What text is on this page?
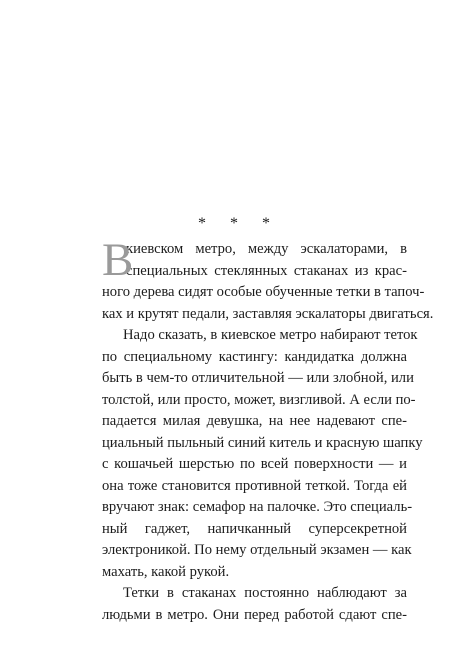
* * *
В
киевском метро, между эскалаторами, в
специальных стеклянных стаканах из крас-
ного дерева сидят особые обученные тетки в тапоч-
ках и крутят педали, заставляя эскалаторы двигаться.
Надо сказать, в киевское метро набирают теток
по специальному кастингу: кандидатка должна
быть в чем-то отличительной — или злобной, или
толстой, или просто, может, визгливой. А если по-
падается милая девушка, на нее надевают спе-
циальный пыльный синий китель и красную шапку
с кошачьей шерстью по всей поверхности — и
она тоже становится противной теткой. Тогда ей
вручают знак: семафор на палочке. Это специаль-
ный гаджет, напичканный суперсекретной
электроникой. По нему отдельный экзамен — как
махать, какой рукой.
Тетки в стаканах постоянно наблюдают за
людьми в метро. Они перед работой сдают спе-
